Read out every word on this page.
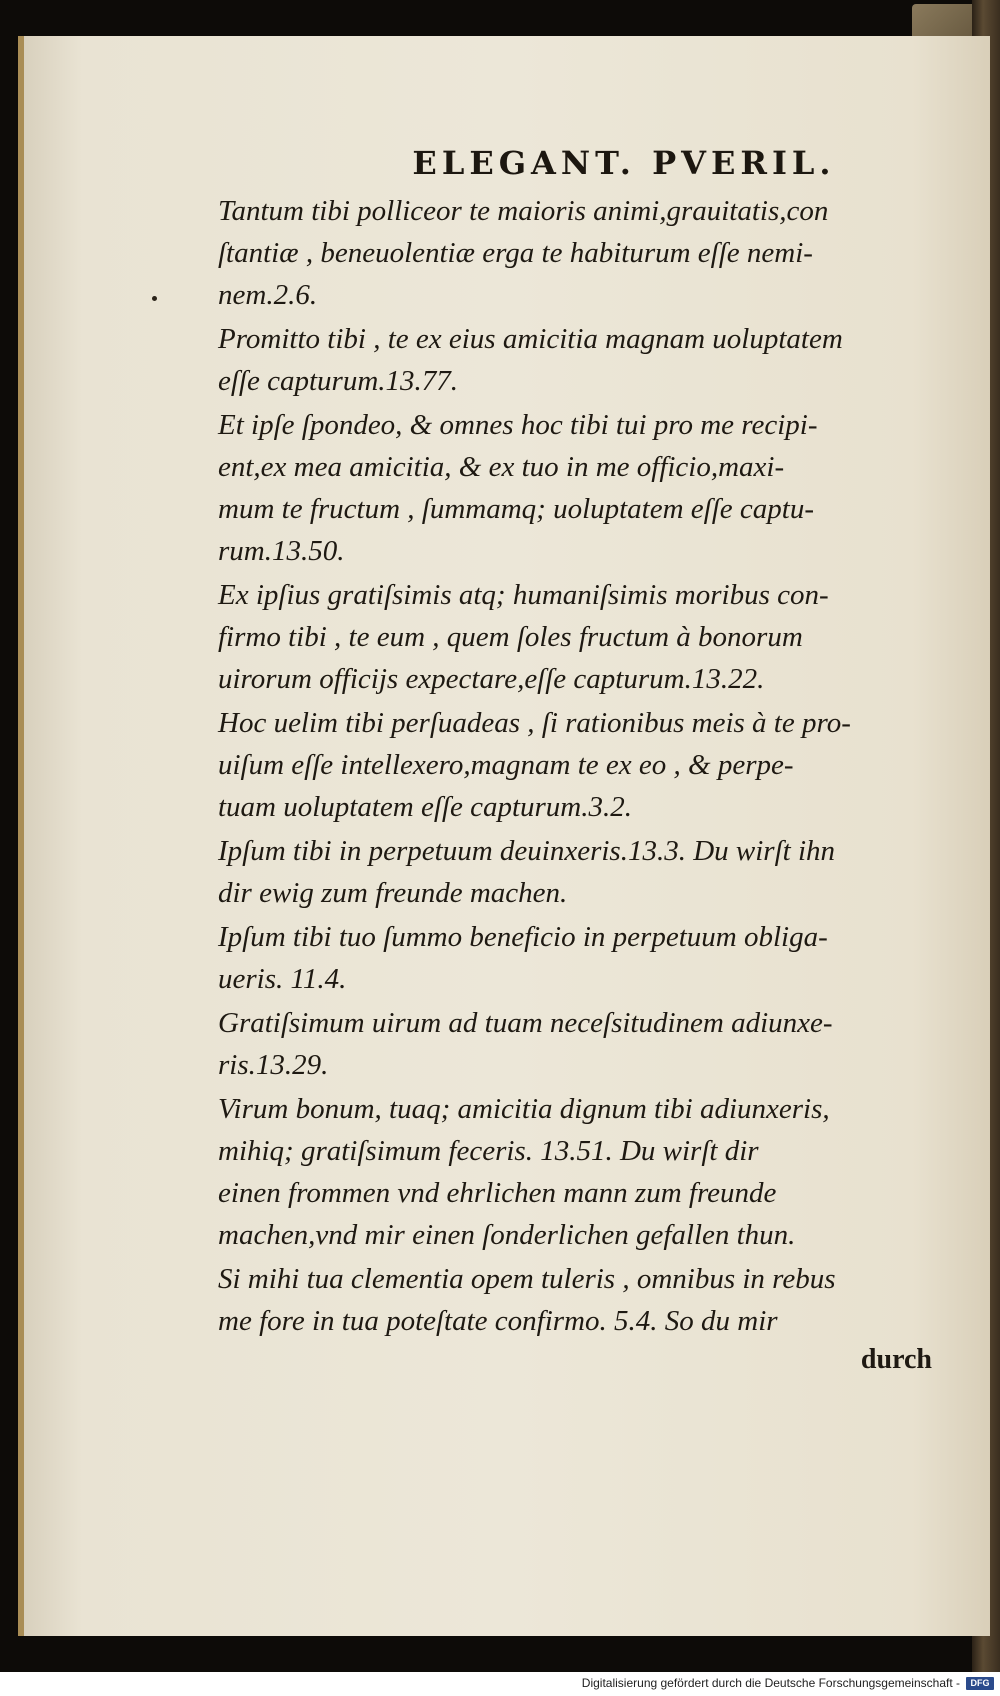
ELEGANT. PVERIL.
Tantum tibi polliceor te maioris animi,grauitatis,con
ſtantiæ , beneuolentiæ erga te habiturum eſſe nemi-
nem.2.6.
Promitto tibi , te ex eius amicitia magnam uoluptatem
eſſe capturum.13.77.
Et ipſe ſpondeo, & omnes hoc tibi tui pro me recipi-
ent,ex mea amicitia, & ex tuo in me officio,maxi-
mum te fructum , ſummamq; uoluptatem eſſe captu-
rum.13.50.
Ex ipſius gratiſsimis atq; humaniſsimis moribus con-
firmo tibi , te eum , quem ſoles fructum à bonorum
uirorum officijs expectare,eſſe capturum.13.22.
Hoc uelim tibi perſuadeas , ſi rationibus meis à te pro-
uiſum eſſe intellexero,magnam te ex eo , & perpe-
tuam uoluptatem eſſe capturum.3.2.
Ipſum tibi in perpetuum deuinxeris.13.3. Du wirſt ihn
dir ewig zum freunde machen.
Ipſum tibi tuo ſummo beneficio in perpetuum obliga-
ueris. 11.4.
Gratiſsimum uirum ad tuam neceſsitudinem adiunxe-
ris.13.29.
Virum bonum, tuaq; amicitia dignum tibi adiunxeris,
mihiq; gratiſsimum feceris. 13.51. Du wirſt dir
einen frommen vnd ehrlichen mann zum freunde
machen,vnd mir einen ſonderlichen gefallen thun.
Si mihi tua clementia opem tuleris , omnibus in rebus
me fore in tua poteſtate confirmo. 5.4. So du mir
durch
Digitalisierung gefördert durch die Deutsche Forschungsgemeinschaft -	DFG
